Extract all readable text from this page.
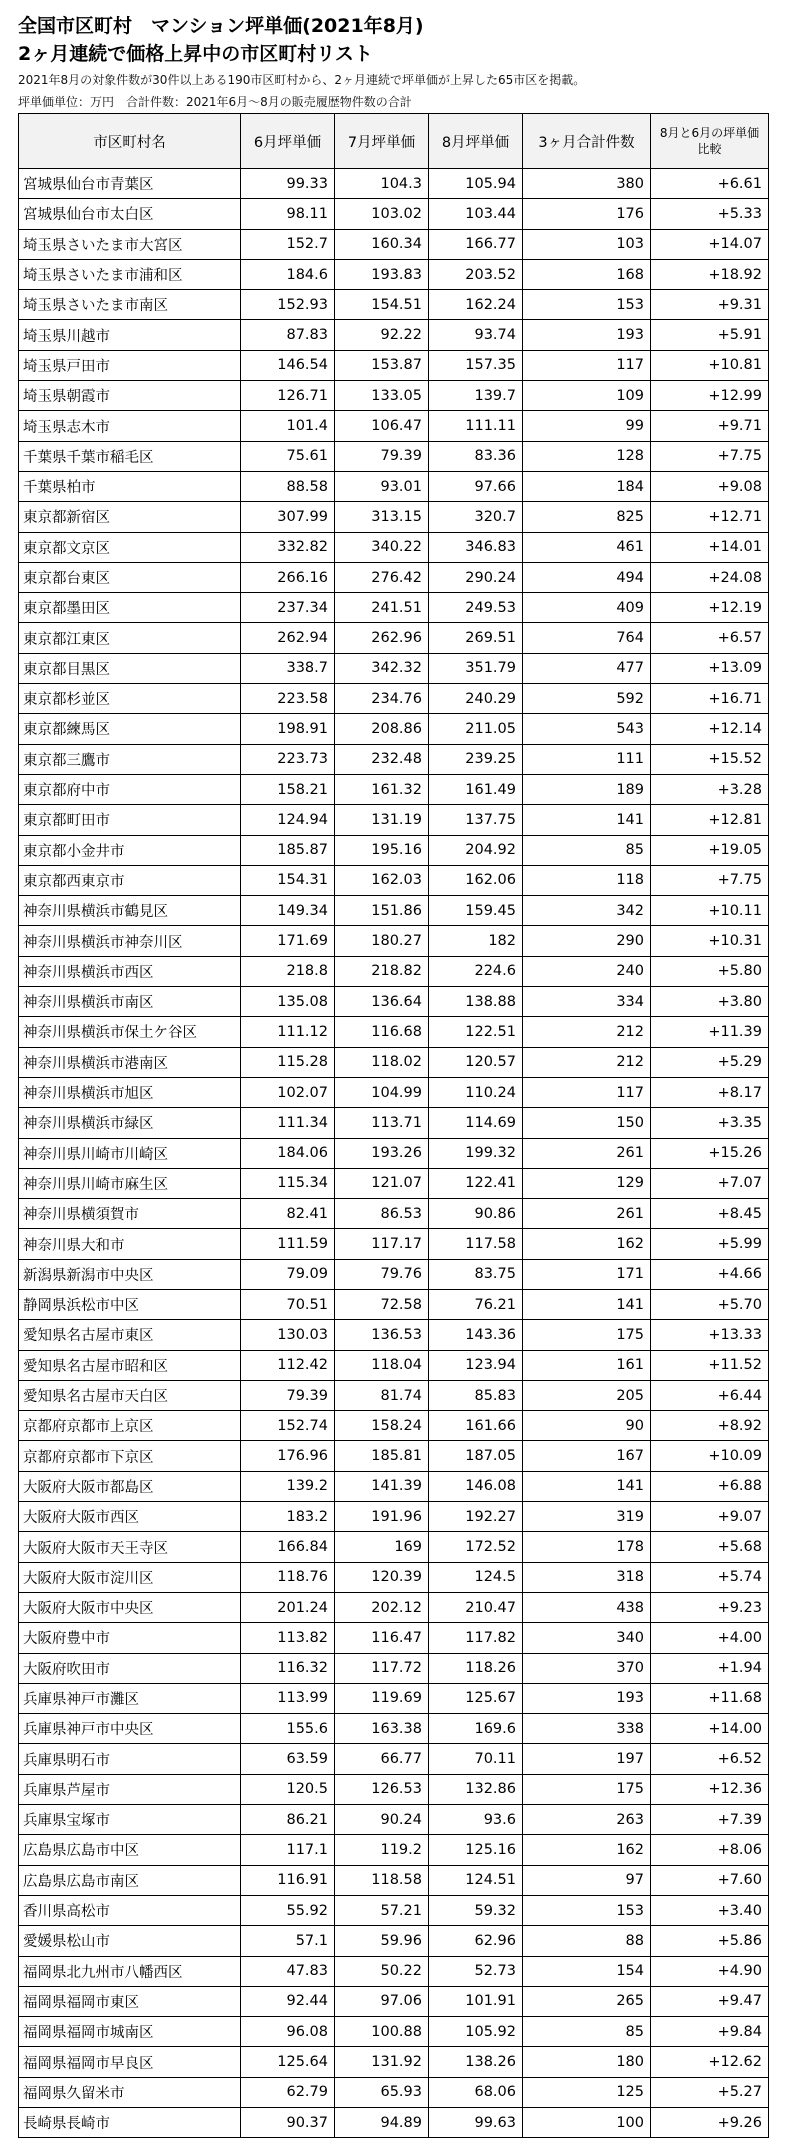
全国市区町村　マンション坪単価(2021年8月)

2ヶ月連続で価格上昇中の市区町村リスト

2021年8月の対象件数が30件以上ある190市区町村から、2ヶ月連続で坪単価が上昇した65市区を掲載。

坪単価単位：万円　合計件数：2021年6月～8月の販売履歴物件数の合計

市区町村名	6月坪単価	7月坪単価	8月坪単価	3ヶ月合計件数	8月と6月の坪単価比較
宮城県仙台市青葉区	99.33	104.3	105.94	380	+6.61
宮城県仙台市太白区	98.11	103.02	103.44	176	+5.33
埼玉県さいたま市大宮区	152.7	160.34	166.77	103	+14.07
埼玉県さいたま市浦和区	184.6	193.83	203.52	168	+18.92
埼玉県さいたま市南区	152.93	154.51	162.24	153	+9.31
埼玉県川越市	87.83	92.22	93.74	193	+5.91
埼玉県戸田市	146.54	153.87	157.35	117	+10.81
埼玉県朝霞市	126.71	133.05	139.7	109	+12.99
埼玉県志木市	101.4	106.47	111.11	99	+9.71
千葉県千葉市稲毛区	75.61	79.39	83.36	128	+7.75
千葉県柏市	88.58	93.01	97.66	184	+9.08
東京都新宿区	307.99	313.15	320.7	825	+12.71
東京都文京区	332.82	340.22	346.83	461	+14.01
東京都台東区	266.16	276.42	290.24	494	+24.08
東京都墨田区	237.34	241.51	249.53	409	+12.19
東京都江東区	262.94	262.96	269.51	764	+6.57
東京都目黒区	338.7	342.32	351.79	477	+13.09
東京都杉並区	223.58	234.76	240.29	592	+16.71
東京都練馬区	198.91	208.86	211.05	543	+12.14
東京都三鷹市	223.73	232.48	239.25	111	+15.52
東京都府中市	158.21	161.32	161.49	189	+3.28
東京都町田市	124.94	131.19	137.75	141	+12.81
東京都小金井市	185.87	195.16	204.92	85	+19.05
東京都西東京市	154.31	162.03	162.06	118	+7.75
神奈川県横浜市鶴見区	149.34	151.86	159.45	342	+10.11
神奈川県横浜市神奈川区	171.69	180.27	182	290	+10.31
神奈川県横浜市西区	218.8	218.82	224.6	240	+5.80
神奈川県横浜市南区	135.08	136.64	138.88	334	+3.80
神奈川県横浜市保土ケ谷区	111.12	116.68	122.51	212	+11.39
神奈川県横浜市港南区	115.28	118.02	120.57	212	+5.29
神奈川県横浜市旭区	102.07	104.99	110.24	117	+8.17
神奈川県横浜市緑区	111.34	113.71	114.69	150	+3.35
神奈川県川崎市川崎区	184.06	193.26	199.32	261	+15.26
神奈川県川崎市麻生区	115.34	121.07	122.41	129	+7.07
神奈川県横須賀市	82.41	86.53	90.86	261	+8.45
神奈川県大和市	111.59	117.17	117.58	162	+5.99
新潟県新潟市中央区	79.09	79.76	83.75	171	+4.66
静岡県浜松市中区	70.51	72.58	76.21	141	+5.70
愛知県名古屋市東区	130.03	136.53	143.36	175	+13.33
愛知県名古屋市昭和区	112.42	118.04	123.94	161	+11.52
愛知県名古屋市天白区	79.39	81.74	85.83	205	+6.44
京都府京都市上京区	152.74	158.24	161.66	90	+8.92
京都府京都市下京区	176.96	185.81	187.05	167	+10.09
大阪府大阪市都島区	139.2	141.39	146.08	141	+6.88
大阪府大阪市西区	183.2	191.96	192.27	319	+9.07
大阪府大阪市天王寺区	166.84	169	172.52	178	+5.68
大阪府大阪市淀川区	118.76	120.39	124.5	318	+5.74
大阪府大阪市中央区	201.24	202.12	210.47	438	+9.23
大阪府豊中市	113.82	116.47	117.82	340	+4.00
大阪府吹田市	116.32	117.72	118.26	370	+1.94
兵庫県神戸市灘区	113.99	119.69	125.67	193	+11.68
兵庫県神戸市中央区	155.6	163.38	169.6	338	+14.00
兵庫県明石市	63.59	66.77	70.11	197	+6.52
兵庫県芦屋市	120.5	126.53	132.86	175	+12.36
兵庫県宝塚市	86.21	90.24	93.6	263	+7.39
広島県広島市中区	117.1	119.2	125.16	162	+8.06
広島県広島市南区	116.91	118.58	124.51	97	+7.60
香川県高松市	55.92	57.21	59.32	153	+3.40
愛媛県松山市	57.1	59.96	62.96	88	+5.86
福岡県北九州市八幡西区	47.83	50.22	52.73	154	+4.90
福岡県福岡市東区	92.44	97.06	101.91	265	+9.47
福岡県福岡市城南区	96.08	100.88	105.92	85	+9.84
福岡県福岡市早良区	125.64	131.92	138.26	180	+12.62
福岡県久留米市	62.79	65.93	68.06	125	+5.27
長崎県長崎市	90.37	94.89	99.63	100	+9.26
